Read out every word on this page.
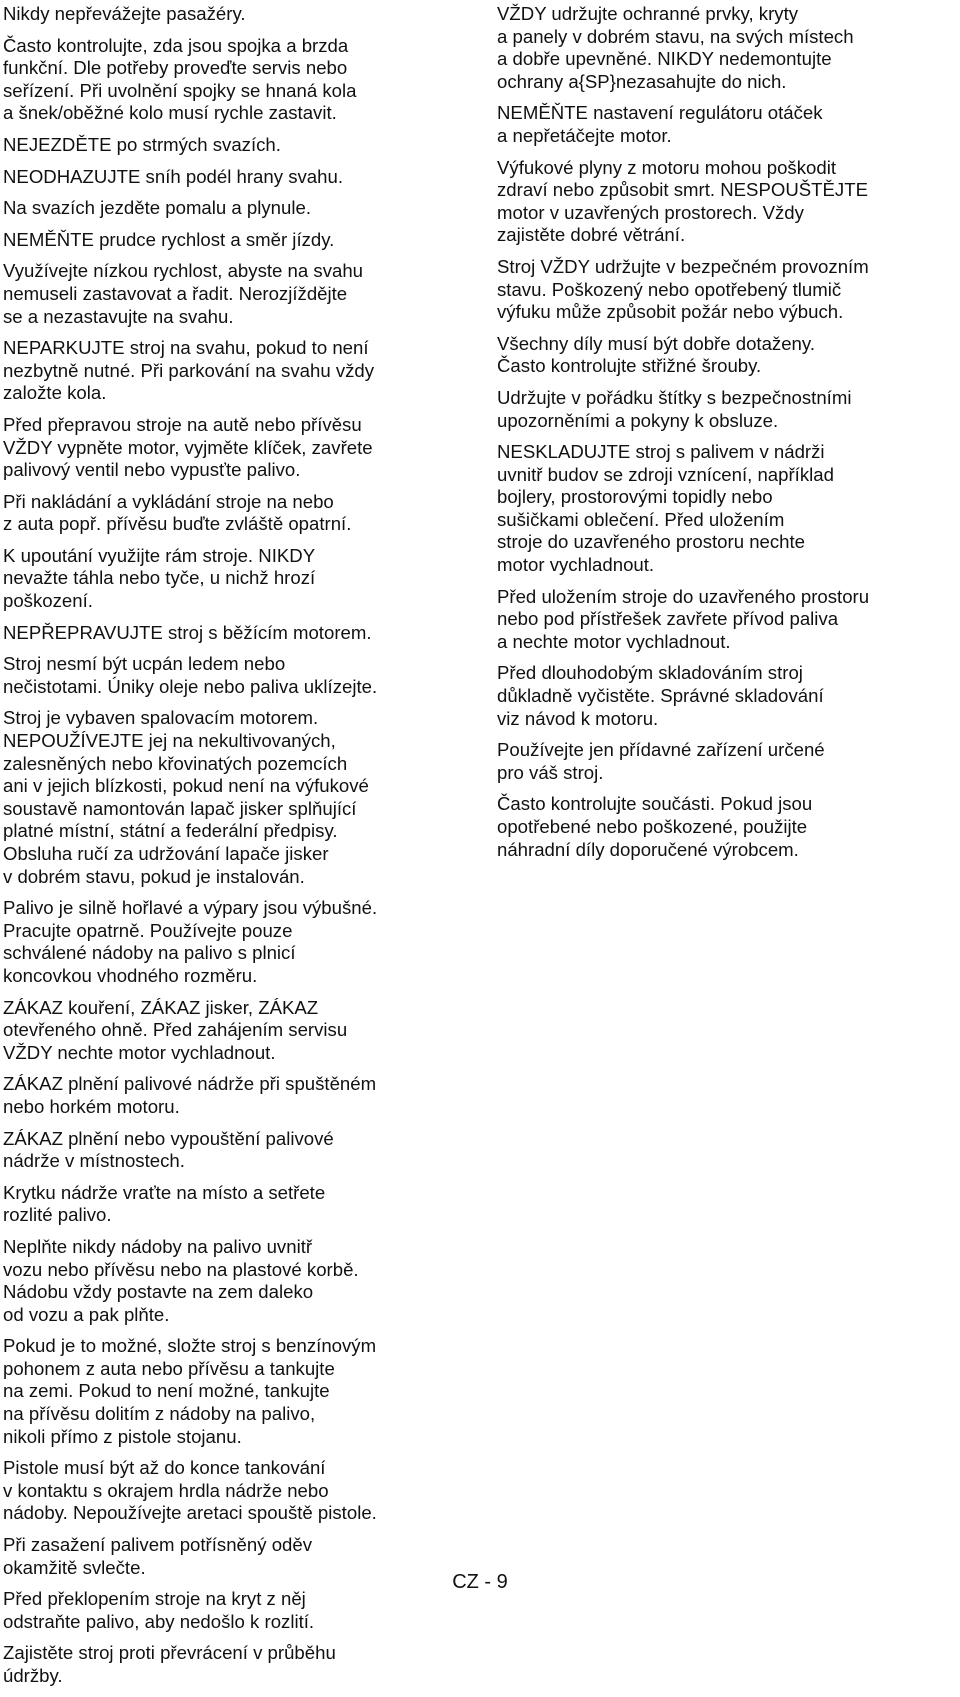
Nikdy nepřevážejte pasažéry.

Často kontrolujte, zda jsou spojka a brzda
funkční. Dle potřeby proveďte servis nebo
seřízení. Při uvolnění spojky se hnaná kola
a šnek/oběžné kolo musí rychle zastavit.

NEJEZDĚTE po strmých svazích.

NEODHAZUJTE sníh podél hrany svahu.

Na svazích jezděte pomalu a plynule.

NEMĚŇTE prudce rychlost a směr jízdy.

Využívejte nízkou rychlost, abyste na svahu
nemuseli zastavovat a řadit. Nerozjíždějte
se a nezastavujte na svahu.

NEPARKUJTE stroj na svahu, pokud to není
nezbytně nutné. Při parkování na svahu vždy
založte kola.

Před přepravou stroje na autě nebo přívěsu
VŽDY vypněte motor, vyjměte klíček, zavřete
palivový ventil nebo vypusťte palivo.

Při nakládání a vykládání stroje na nebo
z auta popř. přívěsu buďte zvláště opatrní.

K upoutání využijte rám stroje. NIKDY
nevažte táhla nebo tyče, u nichž hrozí
poškození.

NEPŘEPRAVUJTE stroj s běžícím motorem.

Stroj nesmí být ucpán ledem nebo
nečistotami. Úniky oleje nebo paliva uklízejte.

Stroj je vybaven spalovacím motorem.
NEPOUŽÍVEJTE jej na nekultivovaných,
zalesněných nebo křovinatých pozemcích
ani v jejich blízkosti, pokud není na výfukové
soustavě namontován lapač jisker splňující
platné místní, státní a federální předpisy.
Obsluha ručí za udržování lapače jisker
v dobrém stavu, pokud je instalován.

Palivo je silně hořlavé a výpary jsou výbušné.
Pracujte opatrně. Používejte pouze
schválené nádoby na palivo s plnicí
koncovkou vhodného rozměru.

ZÁKAZ kouření, ZÁKAZ jisker, ZÁKAZ
otevřeného ohně. Před zahájením servisu
VŽDY nechte motor vychladnout.

ZÁKAZ plnění palivové nádrže při spuštěném
nebo horkém motoru.

ZÁKAZ plnění nebo vypouštění palivové
nádrže v místnostech.

Krytku nádrže vraťte na místo a setřete
rozlité palivo.

Neplňte nikdy nádoby na palivo uvnitř
vozu nebo přívěsu nebo na plastové korbě.
Nádobu vždy postavte na zem daleko
od vozu a pak plňte.

Pokud je to možné, složte stroj s benzínovým
pohonem z auta nebo přívěsu a tankujte
na zemi. Pokud to není možné, tankujte
na přívěsu dolitím z nádoby na palivo,
nikoli přímo z pistole stojanu.

Pistole musí být až do konce tankování
v kontaktu s okrajem hrdla nádrže nebo
nádoby. Nepoužívejte aretaci spouště pistole.

Při zasažení palivem potřísněný oděv
okamžitě svlečte.

Před překlopením stroje na kryt z něj
odstraňte palivo, aby nedošlo k rozlití.

Zajistěte stroj proti převrácení v průběhu
údržby.

VŽDY udržujte ochranné prvky, kryty
a panely v dobrém stavu, na svých místech
a dobře upevněné. NIKDY nedemontujte
ochrany a{SP}nezasahujte do nich.

NEMĚŇTE nastavení regulátoru otáček
a nepřetáčejte motor.

Výfukové plyny z motoru mohou poškodit
zdraví nebo způsobit smrt. NESPOUŠTĚJTE
motor v uzavřených prostorech. Vždy
zajistěte dobré větrání.

Stroj VŽDY udržujte v bezpečném provozním
stavu. Poškozený nebo opotřebený tlumič
výfuku může způsobit požár nebo výbuch.

Všechny díly musí být dobře dotaženy.
Často kontrolujte střižné šrouby.

Udržujte v pořádku štítky s bezpečnostními
upozorněními a pokyny k obsluze.

NESKLADUJTE stroj s palivem v nádrži
uvnitř budov se zdroji vznícení, například
bojlery, prostorovými topidly nebo
sušičkami oblečení. Před uložením
stroje do uzavřeného prostoru nechte
motor vychladnout.

Před uložením stroje do uzavřeného prostoru
nebo pod přístřešek zavřete přívod paliva
a nechte motor vychladnout.

Před dlouhodobým skladováním stroj
důkladně vyčistěte. Správné skladování
viz návod k motoru.

Používejte jen přídavné zařízení určené
pro váš stroj.

Často kontrolujte součásti. Pokud jsou
opotřebené nebo poškozené, použijte
náhradní díly doporučené výrobcem.

CZ - 9
